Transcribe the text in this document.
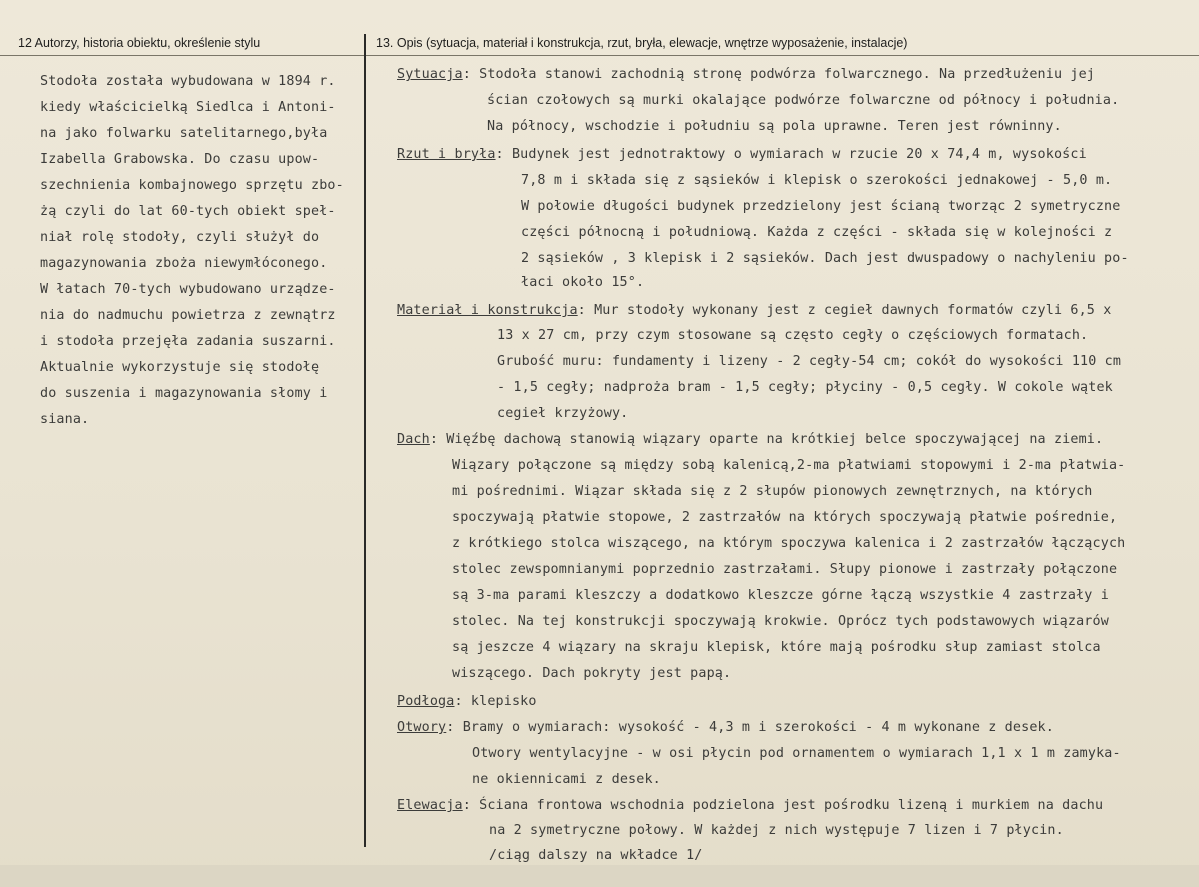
12 Autorzy, historia obiektu, określenie stylu	13. Opis (sytuacja, materiał i konstrukcja, rzut, bryła, elewacje, wnętrze wyposażenie, instalacje)
Stodoła została wybudowana w 1894 r.
kiedy właścicielką Siedlca i Antoni-
na jako folwarku satelitarnego,była
Izabella Grabowska. Do czasu upow-
szechnienia kombajnowego sprzętu zbo-
żą czyli do lat 60-tych obiekt speł-
niał rolę stodoły, czyli służył do
magazynowania zboża niewymłóconego.
W łatach 70-tych wybudowano urządze-
nia do nadmuchu powietrza z zewnątrz
i stodoła przejęła zadania suszarni.
Aktualnie wykorzystuje się stodołę
do suszenia i magazynowania słomy i
siana.
Sytuacja: Stodoła stanowi zachodnią stronę podwórza folwarcznego. Na przedłużeniu jej
ścian czołowych są murki okalające podwórze folwarczne od północy i południa.
Na północy, wschodzie i południu są pola uprawne. Teren jest równinny.
Rzut i bryła: Budynek jest jednotraktowy o wymiarach w rzucie 20 x 74,4 m, wysokości
7,8 m i składa się z sąsieków i klepisk o szerokości jednakowej - 5,0 m.
W połowie długości budynek przedzielony jest ścianą tworząc 2 symetryczne
części północną i południową. Każda z części - składa się w kolejności z
2 sąsieków , 3 klepisk i 2 sąsieków. Dach jest dwuspadowy o nachyleniu po-
łaci około 15°.
Materiał i konstrukcja: Mur stodoły wykonany jest z cegieł dawnych formatów czyli 6,5 x
13 x 27 cm, przy czym stosowane są często cegły o częściowych formatach.
Grubość muru: fundamenty i lizeny - 2 cegły-54 cm; cokół do wysokości 110 cm
- 1,5 cegły; nadproża bram - 1,5 cegły; płyciny - 0,5 cegły. W cokole wątek
cegieł krzyżowy.
Dach: Więźbę dachową stanowią wiązary oparte na krótkiej belce spoczywającej na ziemi.
Wiązary połączone są między sobą kalenicą,2-ma płatwiami stopowymi i 2-ma płatwia-
mi pośrednimi. Wiązar składa się z 2 słupów pionowych zewnętrznych, na których
spoczywają płatwie stopowe, 2 zastrzałów na których spoczywają płatwie pośrednie,
z krótkiego stolca wiszącego, na którym spoczywa kalenica i 2 zastrzałów łączących
stolec zewspomnianymi poprzednio zastrzałami. Słupy pionowe i zastrzały połączone
są 3-ma parami kleszczy a dodatkowo kleszcze górne łączą wszystkie 4 zastrzały i
stolec. Na tej konstrukcji spoczywają krokwie. Oprócz tych podstawowych wiązarów
są jeszcze 4 wiązary na skraju klepisk, które mają pośrodku słup zamiast stolca
wiszącego. Dach pokryty jest papą.
Podłoga: klepisko
Otwory: Bramy o wymiarach: wysokość - 4,3 m i szerokości - 4 m wykonane z desek.
Otwory wentylacyjne - w osi płycin pod ornamentem o wymiarach 1,1 x 1 m zamyka-
ne okiennicami z desek.
Elewacja: Ściana frontowa wschodnia podzielona jest pośrodku lizeną i murkiem na dachu
na 2 symetryczne połowy. W każdej z nich występuje 7 lizen i 7 płycin.
/ciąg dalszy na wkładce 1/
